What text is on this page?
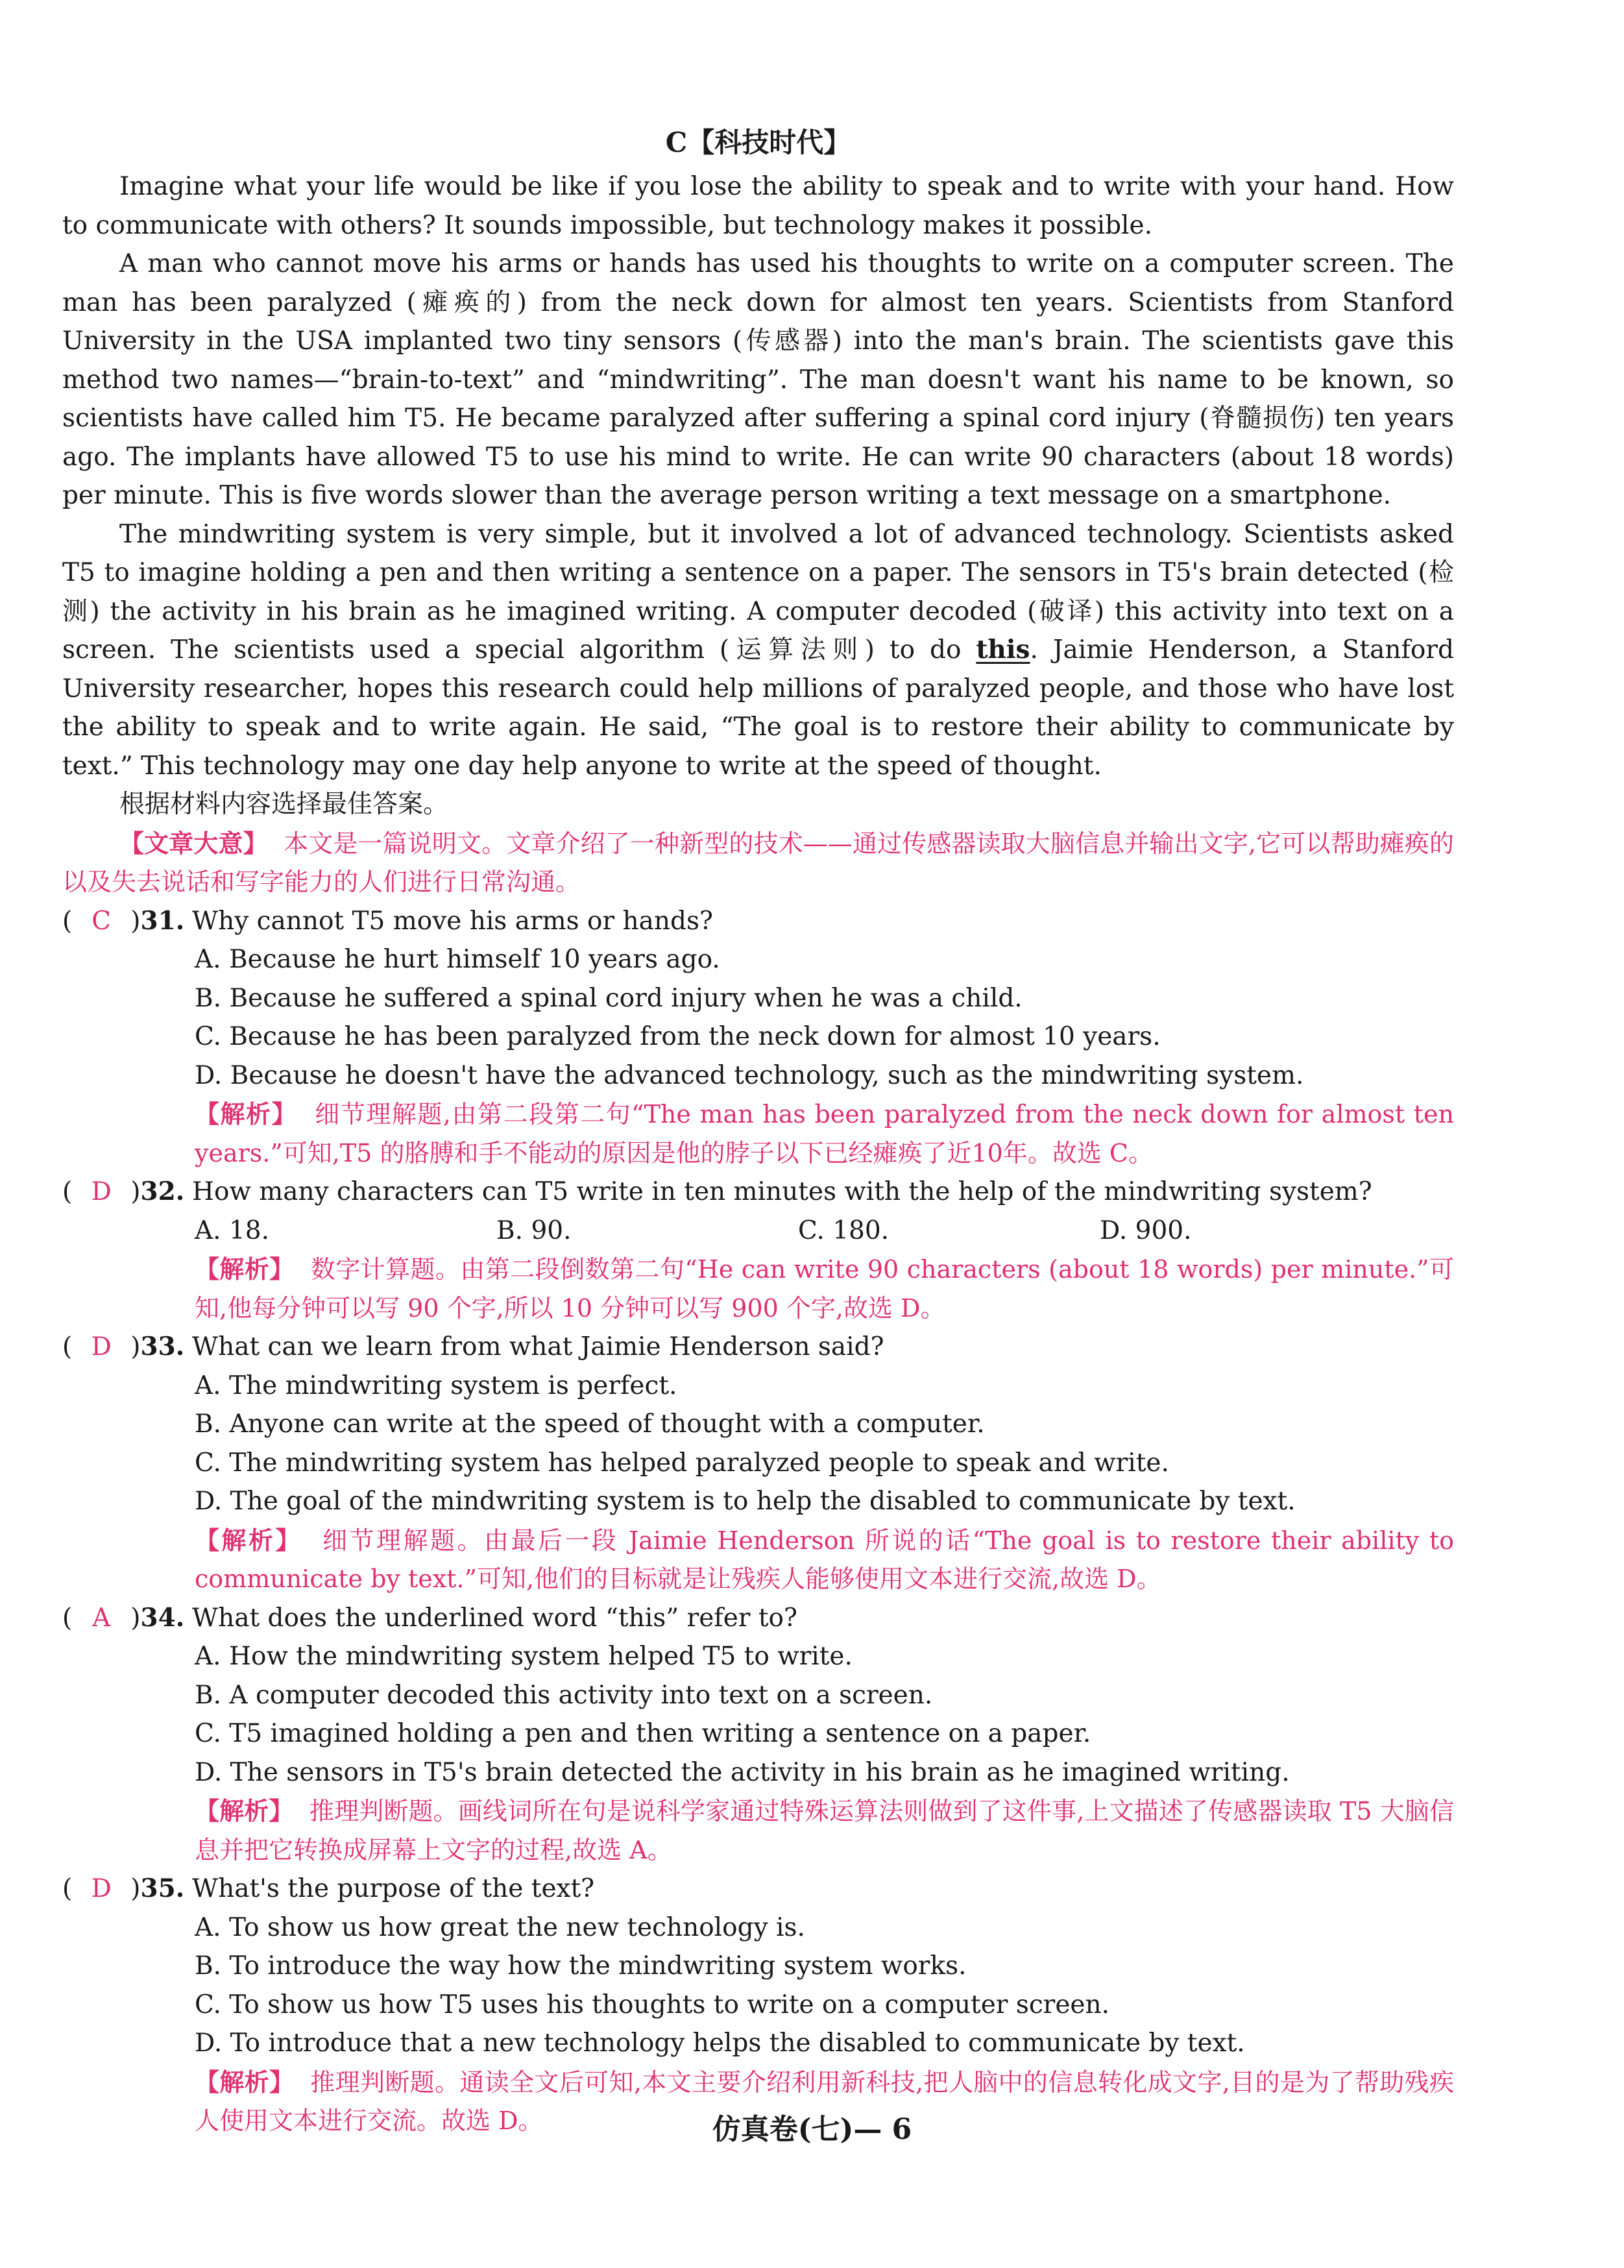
C【科技时代】

Imagine what your life would be like if you lose the ability to speak and to write with your hand. How to communicate with others? It sounds impossible, but technology makes it possible.

A man who cannot move his arms or hands has used his thoughts to write on a computer screen. The man has been paralyzed (瘫痪的) from the neck down for almost ten years. Scientists from Stanford University in the USA implanted two tiny sensors (传感器) into the man's brain. The scientists gave this method two names—“brain-to-text” and “mindwriting”. The man doesn't want his name to be known, so scientists have called him T5. He became paralyzed after suffering a spinal cord injury (脊髓损伤) ten years ago. The implants have allowed T5 to use his mind to write. He can write 90 characters (about 18 words) per minute. This is five words slower than the average person writing a text message on a smartphone.

The mindwriting system is very simple, but it involved a lot of advanced technology. Scientists asked T5 to imagine holding a pen and then writing a sentence on a paper. The sensors in T5's brain detected (检测) the activity in his brain as he imagined writing. A computer decoded (破译) this activity into text on a screen. The scientists used a special algorithm (运算法则) to do this. Jaimie Henderson, a Stanford University researcher, hopes this research could help millions of paralyzed people, and those who have lost the ability to speak and to write again. He said, “The goal is to restore their ability to communicate by text.” This technology may one day help anyone to write at the speed of thought.

根据材料内容选择最佳答案。

【文章大意】 本文是一篇说明文。文章介绍了一种新型的技术——通过传感器读取大脑信息并输出文字,它可以帮助瘫痪的以及失去说话和写字能力的人们进行日常沟通。

( C )31. Why cannot T5 move his arms or hands?

A. Because he hurt himself 10 years ago.

B. Because he suffered a spinal cord injury when he was a child.

C. Because he has been paralyzed from the neck down for almost 10 years.

D. Because he doesn't have the advanced technology, such as the mindwriting system.

【解析】 细节理解题,由第二段第二句“The man has been paralyzed from the neck down for almost ten years.”可知,T5 的胳膊和手不能动的原因是他的脖子以下已经瘫痪了近10年。故选 C。

( D )32. How many characters can T5 write in ten minutes with the help of the mindwriting system?

A. 18.	B. 90.	C. 180.	D. 900.

【解析】 数字计算题。由第二段倒数第二句“He can write 90 characters (about 18 words) per minute.”可知,他每分钟可以写 90 个字,所以 10 分钟可以写 900 个字,故选 D。

( D )33. What can we learn from what Jaimie Henderson said?

A. The mindwriting system is perfect.

B. Anyone can write at the speed of thought with a computer.

C. The mindwriting system has helped paralyzed people to speak and write.

D. The goal of the mindwriting system is to help the disabled to communicate by text.

【解析】 细节理解题。由最后一段 Jaimie Henderson 所说的话“The goal is to restore their ability to communicate by text.”可知,他们的目标就是让残疾人能够使用文本进行交流,故选 D。

( A )34. What does the underlined word “this” refer to?

A. How the mindwriting system helped T5 to write.

B. A computer decoded this activity into text on a screen.

C. T5 imagined holding a pen and then writing a sentence on a paper.

D. The sensors in T5's brain detected the activity in his brain as he imagined writing.

【解析】 推理判断题。画线词所在句是说科学家通过特殊运算法则做到了这件事,上文描述了传感器读取 T5 大脑信息并把它转换成屏幕上文字的过程,故选 A。

( D )35. What's the purpose of the text?

A. To show us how great the new technology is.

B. To introduce the way how the mindwriting system works.

C. To show us how T5 uses his thoughts to write on a computer screen.

D. To introduce that a new technology helps the disabled to communicate by text.

【解析】 推理判断题。通读全文后可知,本文主要介绍利用新科技,把人脑中的信息转化成文字,目的是为了帮助残疾人使用文本进行交流。故选 D。	仿真卷(七)— 6
